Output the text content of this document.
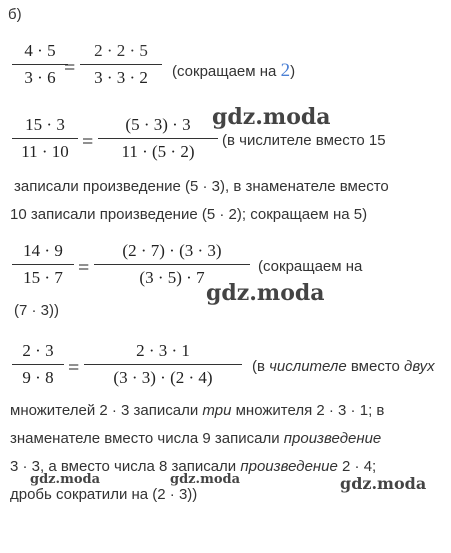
б)
4 · 5
3 · 6 =
2 · 2 · 5
3 · 3 · 2	(сокращаем на 2)
15 · 3
11 · 10 =
(5 · 3) · 3
11 · (5 · 2)
(в числителе вместо 15
записали произведение (5 · 3), в знаменателе вместо
10 записали произведение (5 · 2); сокращаем на 5)
14 · 9
15 · 7 =
(2 · 7) · (3 · 3)
(3 · 5) · 7
(сокращаем на
(7 · 3))
2 · 3
9 · 8 =
2 · 3 · 1
(3 · 3) · (2 · 4)
(в числителе вместо двух
множителей 2 · 3 записали три множителя 2 · 3 · 1; в
знаменателе вместо числа 9 записали произведение
3 · 3, а вместо числа 8 записали произведение 2 · 4;
дробь сократили на (2 · 3))
gdz.moda
gdz.moda
gdz.moda	gdz.moda	gdz.moda
